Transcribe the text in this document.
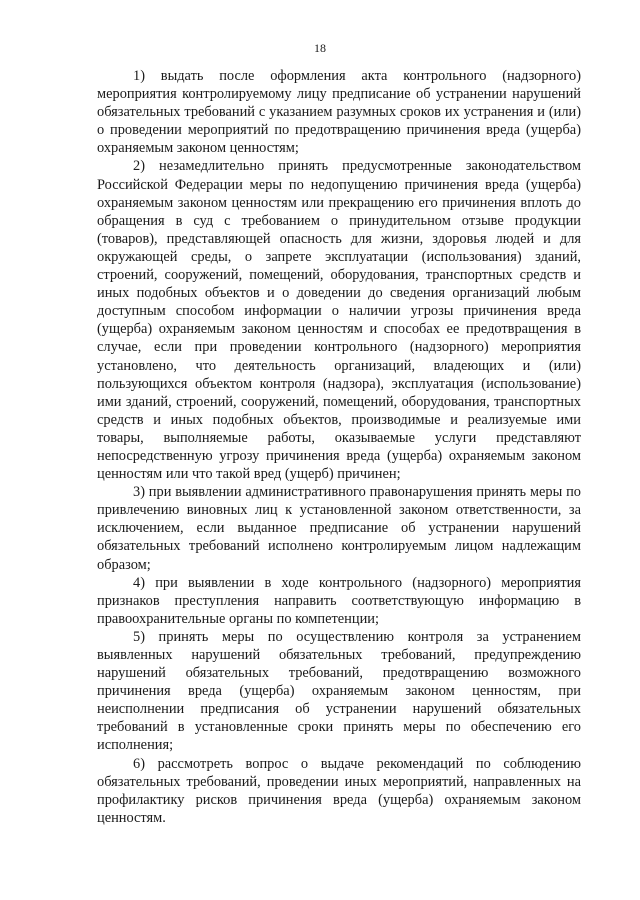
18

1) выдать после оформления акта контрольного (надзорного) мероприятия контролируемому лицу предписание об устранении нарушений обязательных требований с указанием разумных сроков их устранения и (или) о проведении мероприятий по предотвращению причинения вреда (ущерба) охраняемым законом ценностям;

2) незамедлительно принять предусмотренные законодательством Российской Федерации меры по недопущению причинения вреда (ущерба) охраняемым законом ценностям или прекращению его причинения вплоть до обращения в суд с требованием о принудительном отзыве продукции (товаров), представляющей опасность для жизни, здоровья людей и для окружающей среды, о запрете эксплуатации (использования) зданий, строений, сооружений, помещений, оборудования, транспортных средств и иных подобных объектов и о доведении до сведения организаций любым доступным способом информации о наличии угрозы причинения вреда (ущерба) охраняемым законом ценностям и способах ее предотвращения в случае, если при проведении контрольного (надзорного) мероприятия установлено, что деятельность организаций, владеющих и (или) пользующихся объектом контроля (надзора), эксплуатация (использование) ими зданий, строений, сооружений, помещений, оборудования, транспортных средств и иных подобных объектов, производимые и реализуемые ими товары, выполняемые работы, оказываемые услуги представляют непосредственную угрозу причинения вреда (ущерба) охраняемым законом ценностям или что такой вред (ущерб) причинен;

3) при выявлении административного правонарушения принять меры по привлечению виновных лиц к установленной законом ответственности, за исключением, если выданное предписание об устранении нарушений обязательных требований исполнено контролируемым лицом надлежащим образом;

4) при выявлении в ходе контрольного (надзорного) мероприятия признаков преступления направить соответствующую информацию в правоохранительные органы по компетенции;

5) принять меры по осуществлению контроля за устранением выявленных нарушений обязательных требований, предупреждению нарушений обязательных требований, предотвращению возможного причинения вреда (ущерба) охраняемым законом ценностям, при неисполнении предписания об устранении нарушений обязательных требований в установленные сроки принять меры по обеспечению его исполнения;

6) рассмотреть вопрос о выдаче рекомендаций по соблюдению обязательных требований, проведении иных мероприятий, направленных на профилактику рисков причинения вреда (ущерба) охраняемым законом ценностям.
